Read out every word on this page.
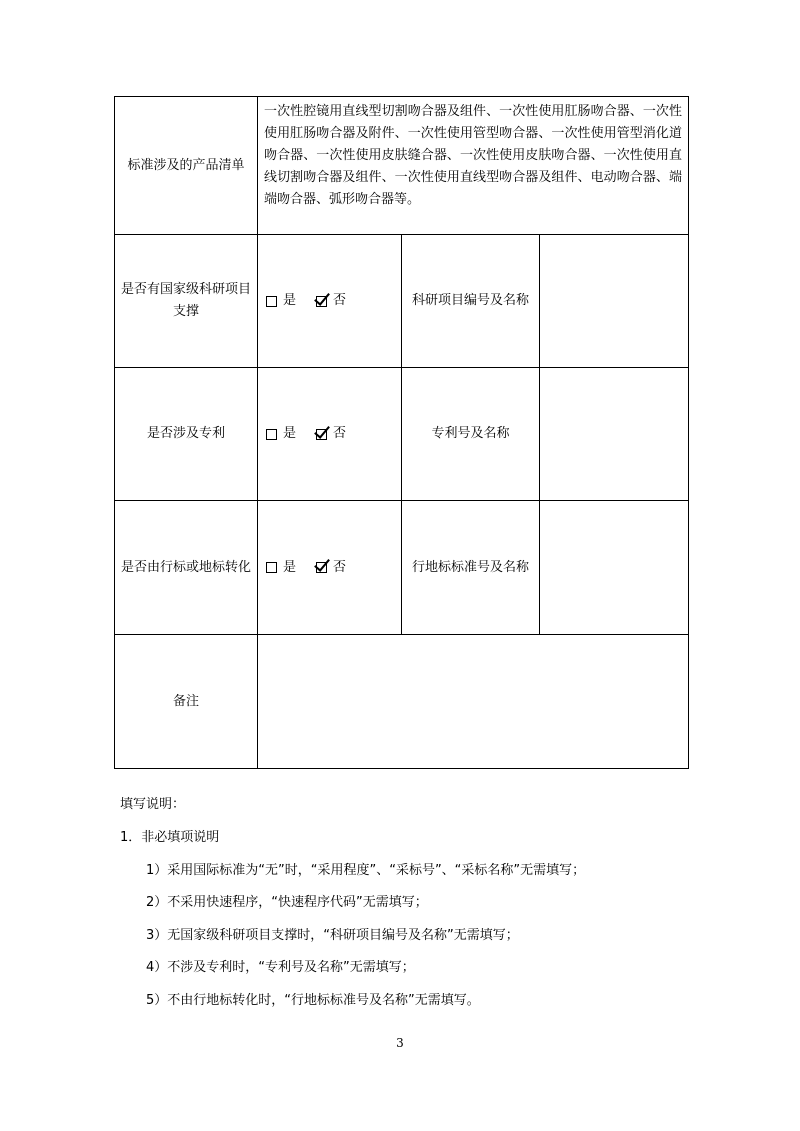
标准涉及的产品清单	一次性腔镜用直线型切割吻合器及组件、一次性使用肛肠吻合器、一次性使用肛肠吻合器及附件、一次性使用管型吻合器、一次性使用管型消化道吻合器、一次性使用皮肤缝合器、一次性使用皮肤吻合器、一次性使用直线切割吻合器及组件、一次性使用直线型吻合器及组件、电动吻合器、端端吻合器、弧形吻合器等。		
是否有国家级科研项目支撑	是 否	科研项目编号及名称	
是否涉及专利	是 否	专利号及名称	
是否由行标或地标转化	是 否	行地标标准号及名称	
备注			
填写说明：
1．非必填项说明
1）采用国际标准为“无”时，“采用程度”、“采标号”、“采标名称”无需填写；
2）不采用快速程序，“快速程序代码”无需填写；
3）无国家级科研项目支撑时，“科研项目编号及名称”无需填写；
4）不涉及专利时，“专利号及名称”无需填写；
5）不由行地标转化时，“行地标标准号及名称”无需填写。
3
